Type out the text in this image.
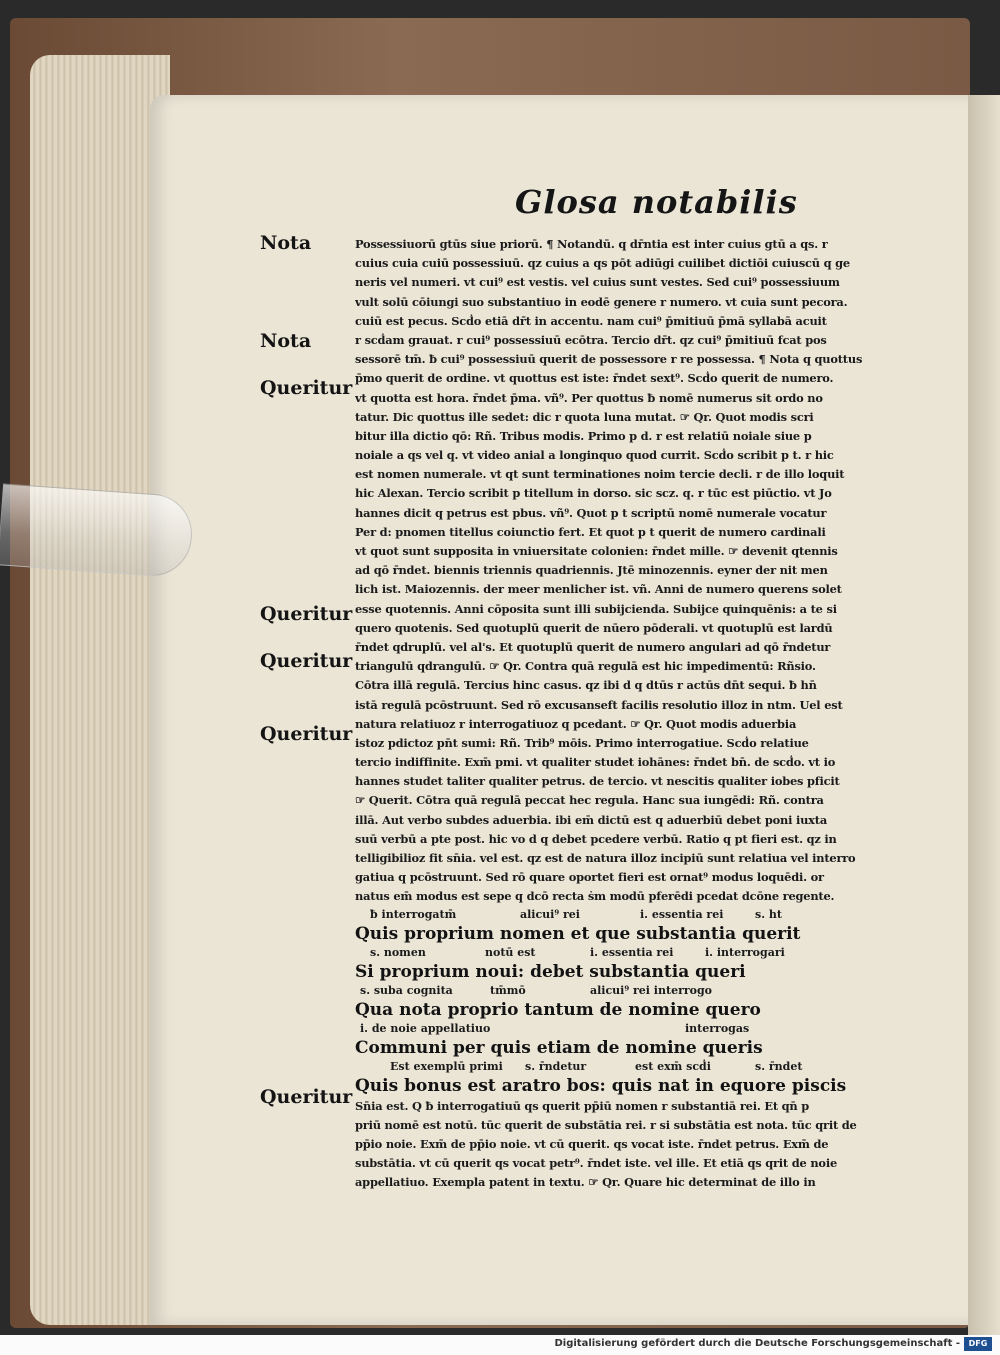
Glosa notabilis
Nota
Nota
Queritur
Queritur
Queritur
Queritur
Queritur
Possessiuorū gtūs siue priorū. ¶ Notandū. q dr̄ntia est inter cuius gtū a qs. r
cuius cuia cuiū possessiuū. qz cuius a qs pōt adiūgi cuilibet dictiōi cuiuscū q ge
neris vel numeri. vt cui⁹ est vestis. vel cuius sunt vestes. Sed cui⁹ possessiuum
vult solū cōiungi suo substantiuo in eodē genere r numero. vt cuia sunt pecora.
cuiū est pecus. Scḋo etiā dr̄t in accentu. nam cui⁹ p̄mitiuū p̄mā syllabā acuit
r scḋam grauat. r cui⁹ possessiuū ecōtra. Tercio dr̄t. qz cui⁹ p̄mitiuū fcat pos
sessorē tm̄. ƀ cui⁹ possessiuū querit de possessore r re possessa. ¶ Nota q quottus
p̄mo querit de ordine. vt quottus est iste: r̄ndet sext⁹. Scḋo querit de numero.
vt quotta est hora. r̄ndet p̄ma. vñ⁹. Per quottus ƀ nomē numerus sit ordo no
tatur. Dic quottus ille sedet: dic r quota luna mutat. ☞ Qr. Quot modis scri
bitur illa dictio qō: Rñ. Tribus modis. Primo p d. r est relatiū noiale siue p
noiale a qs vel q. vt video anial a longinquo quod currit. Scḋo scribit p t. r hic
est nomen numerale. vt qt sunt terminationes noim tercie decli. r de illo loquit
hic Alexan. Tercio scribit p titellum in dorso. sic scz. q. r tūc est piūctio. vt Jo
hannes dicit q petrus est pbus. vñ⁹. Quot p t scriptū nomē numerale vocatur
Per d: pnomen titellus coiunctio fert. Et quot p t querit de numero cardinali
vt quot sunt supposita in vniuersitate colonien: r̄ndet mille. ☞ devenit qtennis
ad qō r̄ndet. biennis triennis quadriennis. Jtē minozennis. eyner der nit men
lich ist. Maiozennis. der meer menlicher ist. vñ. Anni de numero querens solet
esse quotennis. Anni cōposita sunt illi subijcienda. Subijce quinquēnis: a te si
quero quotenis. Sed quotuplū querit de nūero pōderali. vt quotuplū est lardū
r̄ndet qdruplū. vel al's. Et quotuplū querit de numero angulari ad qō r̄ndetur
triangulū qdrangulū. ☞ Qr. Contra quā regulā est hic impedimentū: Rñsio.
Cōtra illā regulā. Tercius hinc casus. qz ibi d q dtūs r actūs dn̄t sequi. ƀ hn̄
istā regulā pcōstruunt. Sed rō excusanseft facilis resolutio illoz in ntm. Uel est
natura relatiuoz r interrogatiuoz q pcedant. ☞ Qr. Quot modis aduerbia
istoz pdictoz pn̄t sumi: Rñ. Trib⁹ mōis. Primo interrogatiue. Scḋo relatiue
tercio indiffinite. Exm̄ pmi. vt qualiter studet iohānes: r̄ndet bn̄. de scḋo. vt io
hannes studet taliter qualiter petrus. de tercio. vt nescitis qualiter iobes pficit
☞ Querit. Cōtra quā regulā peccat hec regula. Hanc sua iungēdi: Rñ. contra
illā. Aut verbo subdes aduerbia. ibi em̄ dictū est q aduerbiū debet poni iuxta
suū verbū a pte post. hic vo d q debet pcedere verbū. Ratio q pt fieri est. qz in
telligibilioz fit sn̄ia. vel est. qz est de natura illoz incipiū sunt relatiua vel interro
gatiua q pcōstruunt. Sed rō quare oportet fieri est ornat⁹ modus loquēdi. or
natus em̄ modus est sepe q dcō recta ṡm modū pferēdi pcedat dcōne regente.
ƀ interrogatm̄	alicui⁹ rei	i. essentia rei	s. ht
Quis proprium nomen et que substantia querit
s. nomen	notū est	i. essentia rei	i. interrogari
Si proprium noui: debet substantia queri
s. suba cognita	tm̄mō	alicui⁹ rei interrogo
Qua nota proprio tantum de nomine quero
i. de noie appellatiuo	interrogas
Communi per quis etiam de nomine queris
Est exemplū primi s. r̄ndetur	est exm̄ scḋi	s. r̄ndet
Quis bonus est aratro bos: quis nat in equore piscis
Sn̄ia est. Q ƀ interrogatiuū qs querit pp̄iū nomen r substantiā rei. Et qn̄ p
priū nomē est notū. tūc querit de substātia rei. r si substātia est nota. tūc qrit de
pp̄io noie. Exm̄ de pp̄io noie. vt cū querit. qs vocat iste. r̄ndet petrus. Exm̄ de
substātia. vt cū querit qs vocat petr⁹. r̄ndet iste. vel ille. Et etiā qs qrit de noie
appellatiuo. Exempla patent in textu. ☞ Qr. Quare hic determinat de illo in
Digitalisierung gefördert durch die Deutsche Forschungsgemeinschaft -	DFG
